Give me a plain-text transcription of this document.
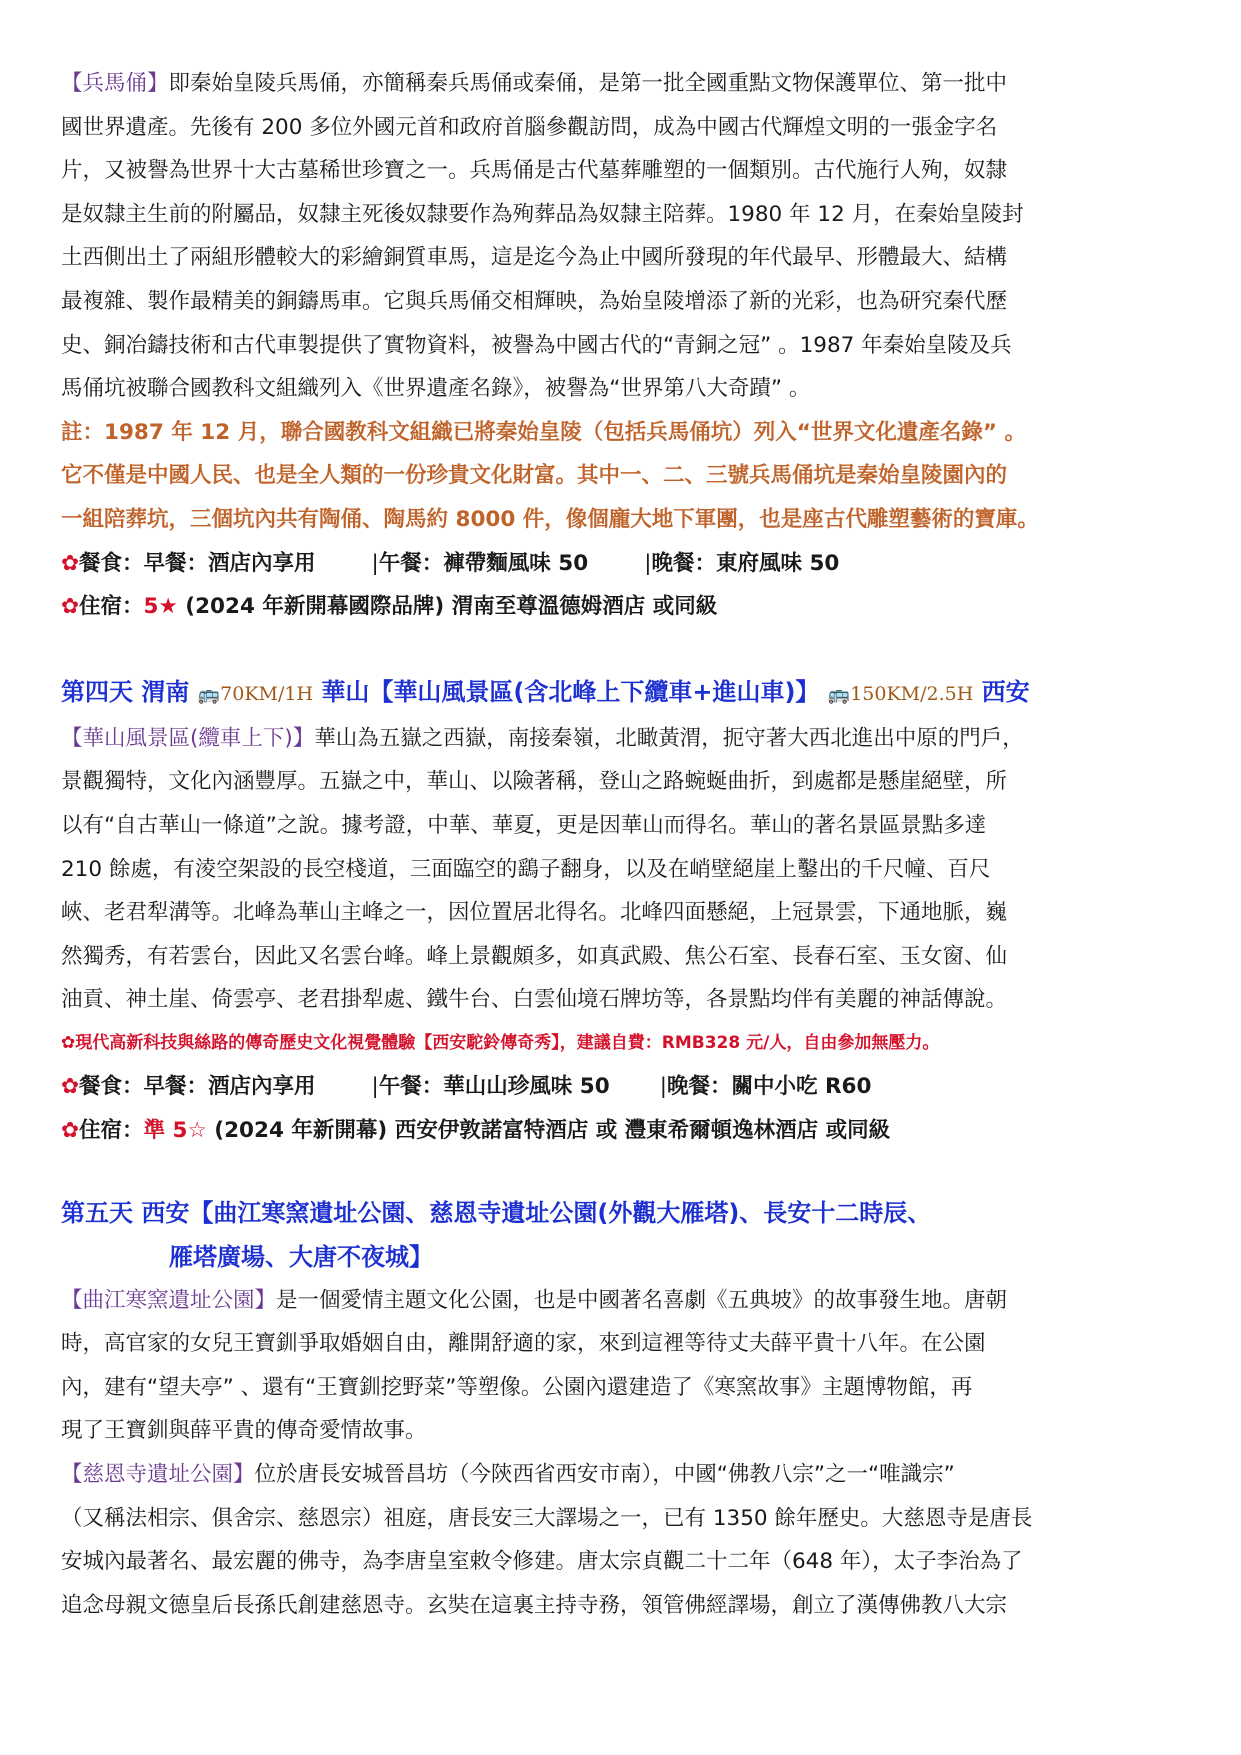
【兵馬俑】即秦始皇陵兵馬俑，亦簡稱秦兵馬俑或秦俑，是第一批全國重點文物保護單位、第一批中
國世界遺產。先後有 200 多位外國元首和政府首腦參觀訪問，成為中國古代輝煌文明的一張金字名
片，又被譽為世界十大古墓稀世珍寶之一。兵馬俑是古代墓葬雕塑的一個類別。古代施行人殉，奴隸
是奴隸主生前的附屬品，奴隸主死後奴隸要作為殉葬品為奴隸主陪葬。1980 年 12 月，在秦始皇陵封
土西側出土了兩組形體較大的彩繪銅質車馬，這是迄今為止中國所發現的年代最早、形體最大、結構
最複雜、製作最精美的銅鑄馬車。它與兵馬俑交相輝映，為始皇陵增添了新的光彩，也為研究秦代歷
史、銅冶鑄技術和古代車製提供了實物資料，被譽為中國古代的“青銅之冠” 。1987 年秦始皇陵及兵
馬俑坑被聯合國教科文組織列入《世界遺產名錄》，被譽為“世界第八大奇蹟” 。

註：1987 年 12 月，聯合國教科文組織已將秦始皇陵（包括兵馬俑坑）列入“世界文化遺產名錄” 。
它不僅是中國人民、也是全人類的一份珍貴文化財富。其中一、二、三號兵馬俑坑是秦始皇陵園內的
一組陪葬坑，三個坑內共有陶俑、陶馬約 8000 件，像個龐大地下軍團，也是座古代雕塑藝術的寶庫。

✿餐食：早餐：酒店內享用	|午餐：褲帶麵風味 50	|晚餐：東府風味 50
✿住宿：5★ (2024 年新開幕國際品牌) 渭南至尊溫德姆酒店 或同級
第四天 渭南 🚌70KM/1H 華山【華山風景區(含北峰上下纜車+進山車)】 🚌150KM/2.5H 西安

【華山風景區(纜車上下)】華山為五嶽之西嶽，南接秦嶺，北瞰黃渭，扼守著大西北進出中原的門戶，
景觀獨特，文化內涵豐厚。五嶽之中，華山、以險著稱，登山之路蜿蜒曲折，到處都是懸崖絕壁，所
以有“自古華山一條道”之說。據考證，中華、華夏，更是因華山而得名。華山的著名景區景點多達
210 餘處，有淩空架設的長空棧道，三面臨空的鷂子翻身，以及在峭壁絕崖上鑿出的千尺幢、百尺
峽、老君犁溝等。北峰為華山主峰之一，因位置居北得名。北峰四面懸絕，上冠景雲，下通地脈，巍
然獨秀，有若雲台，因此又名雲台峰。峰上景觀頗多，如真武殿、焦公石室、長春石室、玉女窗、仙
油貢、神土崖、倚雲亭、老君掛犁處、鐵牛台、白雲仙境石牌坊等，各景點均伴有美麗的神話傳說。

✿現代高新科技與絲路的傳奇歷史文化視覺體驗【西安駝鈴傳奇秀】，建議自費：RMB328 元/人，自由參加無壓力。
✿餐食：早餐：酒店內享用	|午餐：華山山珍風味 50 |晚餐：關中小吃 R60
✿住宿：準 5☆ (2024 年新開幕) 西安伊敦諾富特酒店 或 灃東希爾頓逸林酒店 或同級
第五天 西安【曲江寒窯遺址公園、慈恩寺遺址公園(外觀大雁塔)、長安十二時辰、
雁塔廣場、大唐不夜城】

【曲江寒窯遺址公園】是一個愛情主題文化公園，也是中國著名喜劇《五典坡》的故事發生地。唐朝
時，高官家的女兒王寶釧爭取婚姻自由，離開舒適的家，來到這裡等待丈夫薛平貴十八年。在公園
內，建有“望夫亭” 、還有“王寶釧挖野菜”等塑像。公園內還建造了《寒窯故事》主題博物館，再
現了王寶釧與薛平貴的傳奇愛情故事。

【慈恩寺遺址公園】位於唐長安城晉昌坊（今陝西省西安市南），中國“佛教八宗”之一“唯識宗”
（又稱法相宗、俱舍宗、慈恩宗）祖庭，唐長安三大譯場之一，已有 1350 餘年歷史。大慈恩寺是唐長
安城內最著名、最宏麗的佛寺，為李唐皇室敕令修建。唐太宗貞觀二十二年（648 年），太子李治為了
追念母親文德皇后長孫氏創建慈恩寺。玄奘在這裏主持寺務，領管佛經譯場，創立了漢傳佛教八大宗
